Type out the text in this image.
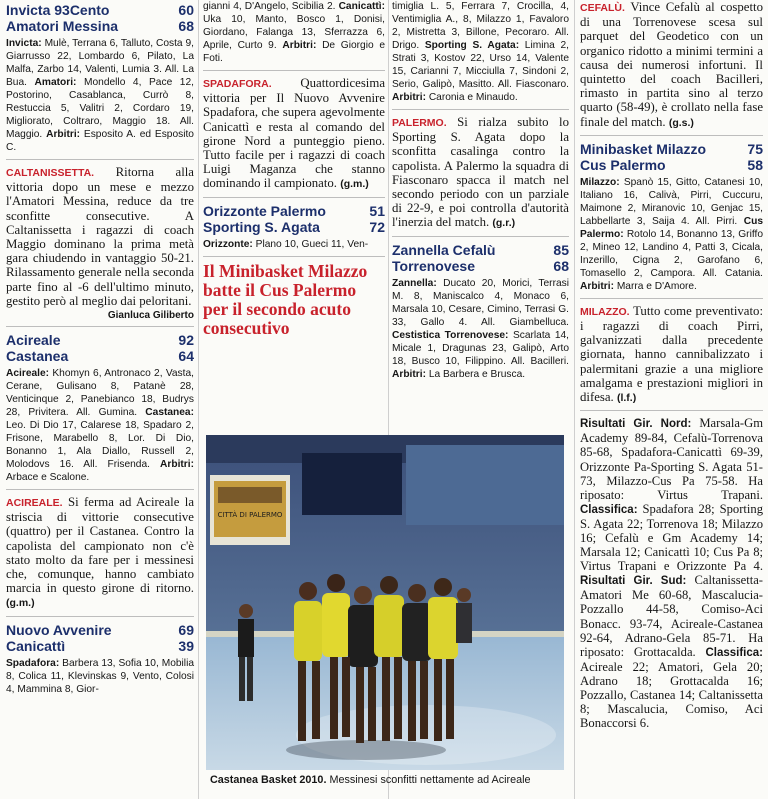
Invicta 93Cento
Amatori Messina
60
68

Invicta: Mulè, Terrana 6, Talluto, Costa 9, Giarrusso 22, Lombardo 6, Pilato, La Malfa, Zarbo 14, Valenti, Lumia 3. All. La Bua. Amatori: Mondello 4, Pace 12, Postorino, Casablanca, Currò 8, Restuccia 5, Valitri 2, Cordaro 19, Migliorato, Coltraro, Maggio 18. All. Maggio. Arbitri: Esposito A. ed Esposito C.

CALTANISSETTA. Ritorna alla vittoria dopo un mese e mezzo l'Amatori Messina, reduce da tre sconfitte consecutive. A Caltanissetta i ragazzi di coach Maggio dominano la prima metà gara chiudendo in vantaggio 50-21. Rilassamento generale nella seconda parte fino al -6 dell'ultimo minuto, gestito però al meglio dai peloritani.

Gianluca Giliberto
Acireale
Castanea
92
64

Acireale: Khomyn 6, Antronaco 2, Vasta, Cerane, Gulisano 8, Patanè 28, Venticinque 2, Panebianco 18, Budrys 28, Privitera. All. Gumina. Castanea: Leo. Di Dio 17, Calarese 18, Spadaro 2, Frisone, Marabello 8, Lor. Di Dio, Bonanno 1, Ala Diallo, Russell 2, Molodovs 16. All. Frisenda. Arbitri: Arbace e Scalone.

ACIREALE. Si ferma ad Acireale la striscia di vittorie consecutive (quattro) per il Castanea. Contro la capolista del campionato non c'è stato molto da fare per i messinesi che, comunque, hanno cambiato marcia in questo girone di ritorno. (g.m.)

Nuovo Avvenire
Canicattì
69
39

Spadafora: Barbera 13, Sofia 10, Mobilia 8, Colica 11, Klevinskas 9, Vento, Colosi 4, Mammina 8, Gior-

gianni 4, D'Angelo, Scibilia 2. Canicattì: Uka 10, Manto, Bosco 1, Donisi, Giordano, Falanga 13, Sferrazza 6, Aprile, Curto 9. Arbitri: De Giorgio e Foti.

SPADAFORA. Quattordicesima vittoria per Il Nuovo Avvenire Spadafora, che supera agevolmente Canicattì e resta al comando del girone Nord a punteggio pieno. Tutto facile per i ragazzi di coach Luigi Maganza che stanno dominando il campionato. (g.m.)

Orizzonte Palermo
Sporting S. Agata
51
72

Orizzonte: Plano 10, Gueci 11, Ven-

Il Minibasket Milazzo batte il Cus Palermo per il secondo acuto consecutivo

timiglia L. 5, Ferrara 7, Crocilla, 4, Ventimiglia A., 8, Milazzo 1, Favaloro 2, Mistretta 3, Billone, Pecoraro. All. Drigo. Sporting S. Agata: Limina 2, Strati 3, Kostov 22, Urso 14, Valente 15, Carianni 7, Micciulla 7, Sindoni 2, Serio, Galipò, Masitto. All. Fiasconaro. Arbitri: Caronia e Minaudo.

PALERMO. Si rialza subito lo Sporting S. Agata dopo la sconfitta casalinga contro la capolista. A Palermo la squadra di Fiasconaro spacca il match nel secondo periodo con un parziale di 22-9, e poi controlla d'autorità l'inerzia del match. (g.r.)

Zannella Cefalù
Torrenovese
85
68

Zannella: Ducato 20, Morici, Terrasi M. 8, Maniscalco 4, Monaco 6, Marsala 10, Cesare, Cimino, Terrasi G. 33, Gallo 4. All. Giambelluca. Cestistica Torrenovese: Scarlata 14, Micale 1, Dragunas 23, Galipò, Arto 18, Busco 10, Filippino. All. Bacilleri. Arbitri: La Barbera e Brusca.

CEFALÙ. Vince Cefalù al cospetto di una Torrenovese scesa sul parquet del Geodetico con un organico ridotto a minimi termini a causa dei numerosi infortuni. Il quintetto del coach Bacilleri, rimasto in partita sino al terzo quarto (58-49), è crollato nella fase finale del match. (g.s.)

Minibasket Milazzo
Cus Palermo
75
58

Milazzo: Spanò 15, Gitto, Catanesi 10, Italiano 16, Calivà, Pirri, Cuccuru, Maimone 2, Miranovic 10, Genjac 15, Labbellarte 3, Saija 4. All. Pirri. Cus Palermo: Rotolo 14, Bonanno 13, Griffo 2, Mineo 12, Landino 4, Patti 3, Cicala, Inzerillo, Cigna 2, Garofano 6, Tomasello 2, Campora. All. Catania. Arbitri: Marra e D'Amore.

MILAZZO. Tutto come preventivato: i ragazzi di coach Pirri, galvanizzati dalla precedente giornata, hanno cannibalizzato i palermitani grazie a una migliore amalgama e prestazioni migliori in difesa. (l.f.)

Risultati Gir. Nord: Marsala-Gm Academy 89-84, Cefalù-Torrenova 85-68, Spadafora-Canicattì 69-39, Orizzonte Pa-Sporting S. Agata 51-73, Milazzo-Cus Pa 75-58. Ha riposato: Virtus Trapani. Classifica: Spadafora 28; Sporting S. Agata 22; Torrenova 18; Milazzo 16; Cefalù e Gm Academy 14; Marsala 12; Canicattì 10; Cus Pa 8; Virtus Trapani e Orizzonte Pa 4. Risultati Gir. Sud: Caltanissetta-Amatori Me 60-68, Mascalucia-Pozzallo 44-58, Comiso-Aci Bonacc. 93-74, Acireale-Castanea 92-64, Adrano-Gela 85-71. Ha riposato: Grottacalda. Classifica: Acireale 22; Amatori, Gela 20; Adrano 18; Grottacalda 16; Pozzallo, Castanea 14; Caltanissetta 8; Mascalucia, Comiso, Aci Bonaccorsi 6.

CITTÀ DI PALERMO
Castanea Basket 2010. Messinesi sconfitti nettamente ad Acireale
